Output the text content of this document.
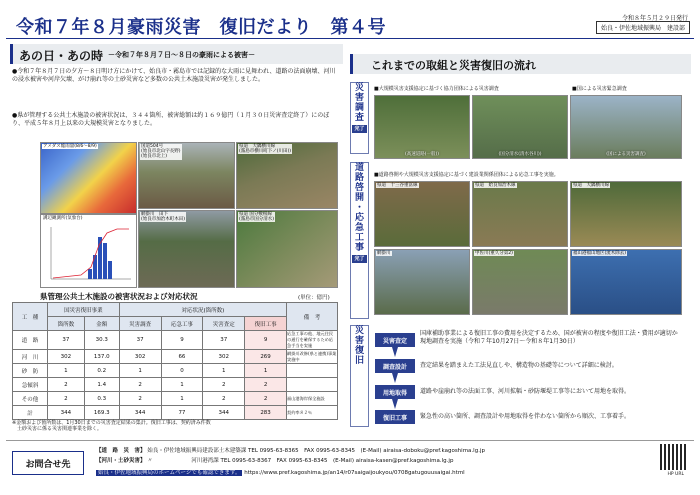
令和７年８月豪雨災害　復旧だより　第４号	令和８年５月２９日発行
始良・伊佐地域振興局　建設部
あの日・あの時 －令和７年８月７日～８日の豪雨による被害－
●令和７年８月７日の夕方～８日明け方にかけて、始良市・霧島市では記録的な大雨に見舞われ、道路の法面崩壊、河川の浸水被害や河岸欠壊、がけ崩れ等の土砂災害など多数の公共土木施設災害が発生しました。
●県が管理する公共土木施設の被害状況は、３４４箇所、被害総額は約１６９億円（１月３０日災害査定終了）にのぼり、平成５年８月上以来の大規模災害となりました。
アメダス総雨量(8/6～8/9)
溝辺観測所(気象台)
国道504号
(始良市北山字長野)
(始良市北上)
県道　大隅横川線
(霧島市横川町下ノ(川田))
網掛川　田下
(始良市加治木町木田)
県道 国分敷根線
(霧島市国分清水)
県管理公共土木施設の被害状況および対応状況	(単位：億円)
工　種	国災害復旧事業		対応状況(箇所数)				備　考
	箇所数	金額	災害調査	応急工事	災害査定	復旧工事	
道　路	37	30.3	37	9	37	9	応急工事の他、地元住民の通行を確保するため応急手当を実施
河　川	302	137.0	302	66	302	269	網掛川改修(県と連携)事業実施中
砂　防	1	0.2	1	0	1	1	
急傾斜	2	1.4	2	1	2	2	
その他	2	0.3	2	1	2	2	福山港海岸保全施設
計	344	169.3	344	77	344	283	契約率８２％
※金額および箇所数は、1月30日までの災害査定結果の集計。復旧工事は、契約済み件数
　土砂災害に係る災害関連事業を除く。
これまでの取組と災害復旧の流れ
災
害
調
査
完了
道
路
啓
開
・
応
急
工
事
完了
災
害
復
旧
■大規模災害支援協定に基づく協力団体による災害調査	■国による災害緊急調査
(高速道路(一般))	(国分清水(清水谷川))	(国による災害調査)
■道路啓開や大規模災害支援協定に基づく建設業関係団体による応急工事を実施。
県道　十三谷重富線	県道　姶良加治木線	県道　大隅横川線
網掛川	甲佐川(重久分第2)	福山港福山地区(流木除去)
災害査定
国庫補助事業による復旧工事の費用を決定するため、国が被害の程度や復旧工法・費用が適切か現地調査を実施（令和７年10月27日～令和８年1月30日）
調査設計	査定結果を踏まえた工法見直しや、構造物の基礎等について詳細に検討。
用地取得	道路や崖崩れ等の法面工事、河川拡幅・砂防堰堤工事等において用地を取得。
復旧工事	緊急性の高い箇所、調査設計や用地取得を伴わない箇所から順次、工事着手。
お問合せ先
【道　路　災　害】 始良・伊佐地域振興局建設部土木建築課 TEL 0995-63-8365　FAX 0995-63-8345　(E-Mail) airaisa-doboku@pref.kagoshima.lg.jp
【河川・土砂災害】 〃　　　　　　　河川港湾課 TEL 0995-63-8367　FAX 0995-63-8345　(E-Mail) airaisa-kasen@pref.kagoshima.lg.jp
始良・伊佐地域振興局のホームページでも確認できます。 https://www.pref.kagoshima.jp/an14/r07saigaijoukyou/0708gatugouusaigai.html	HP URL
